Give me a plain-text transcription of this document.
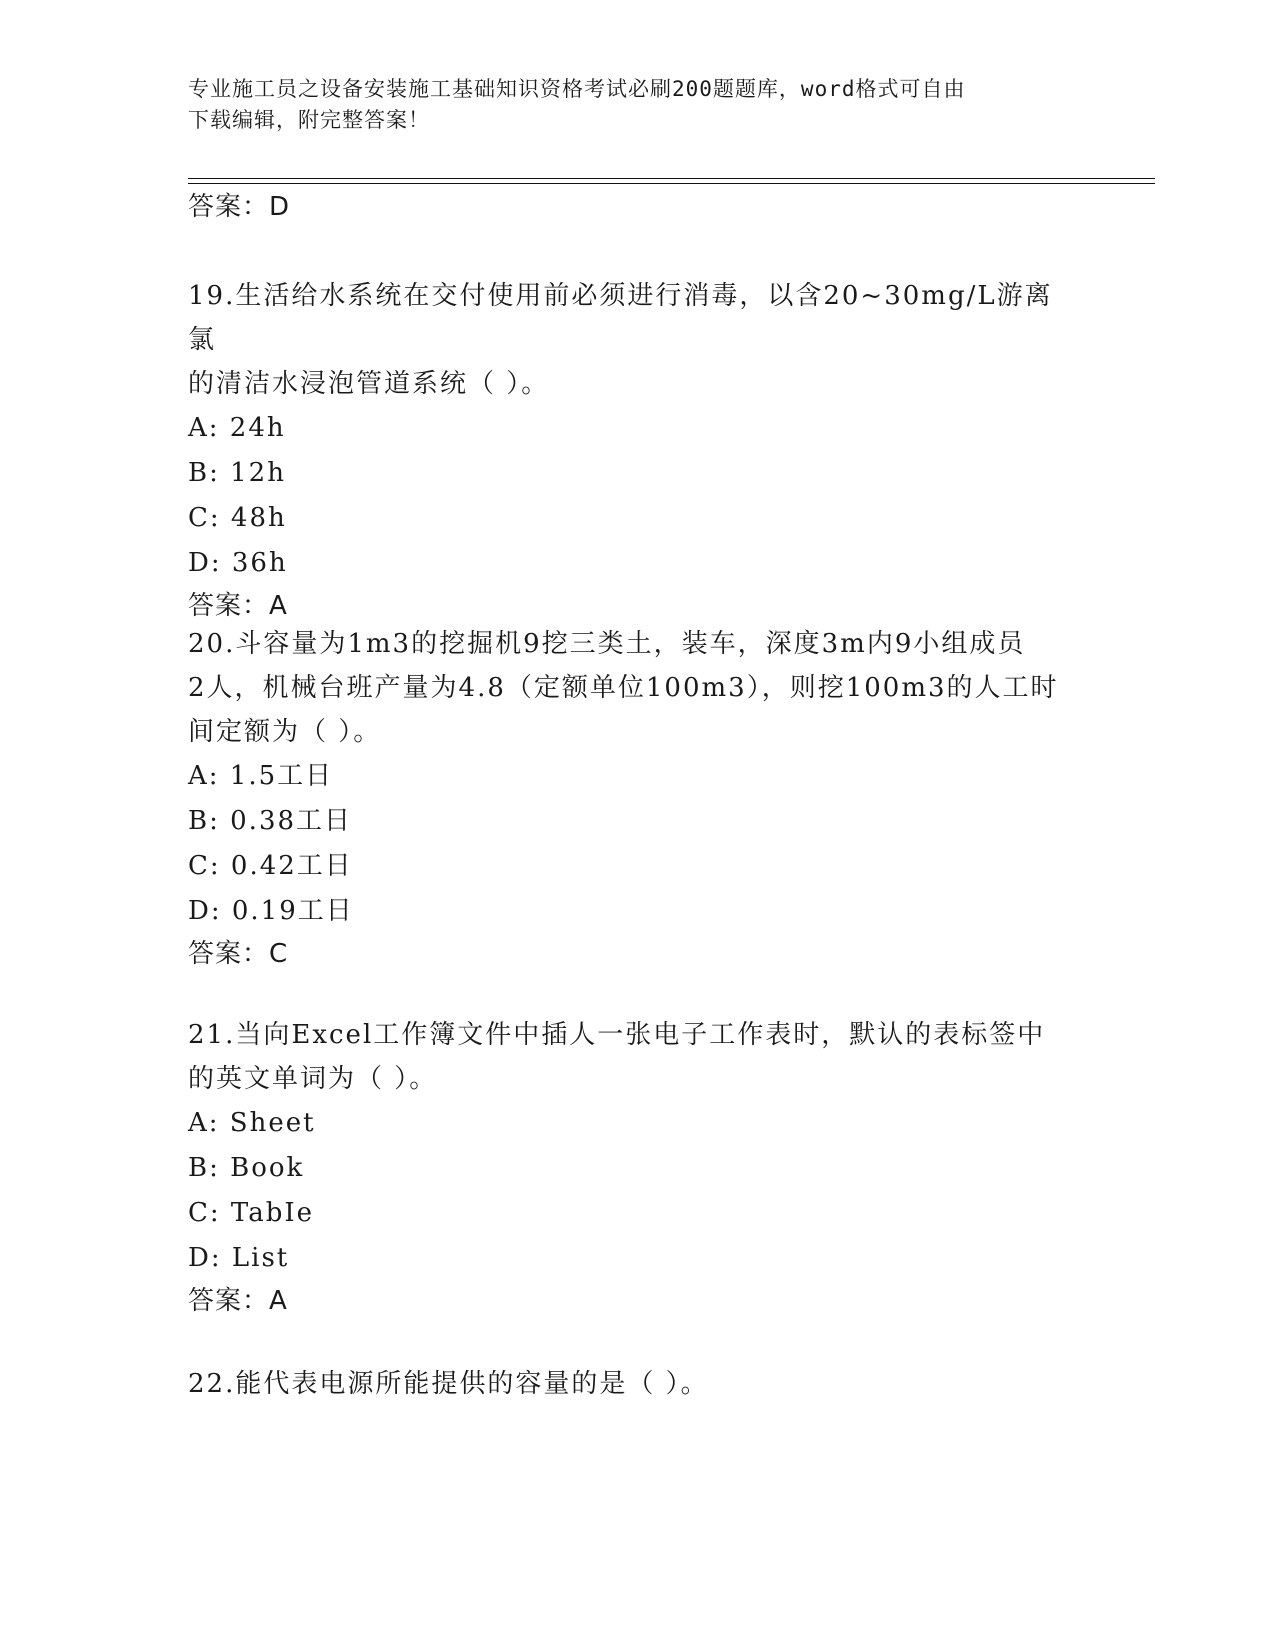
专业施工员之设备安装施工基础知识资格考试必刷200题题库，word格式可自由
下载编辑，附完整答案！
答案：D
19.生活给水系统在交付使用前必须进行消毒，以含20~30mg/L游离氯
的清洁水浸泡管道系统（ ）。
A: 24h
B: 12h
C: 48h
D: 36h
答案：A
20.斗容量为1m3的挖掘机9挖三类土，装车，深度3m内9小组成员
2人，机械台班产量为4.8（定额单位100m3），则挖100m3的人工时
间定额为（ ）。
A: 1.5工日
B: 0.38工日
C: 0.42工日
D: 0.19工日
答案：C
21.当向Excel工作簿文件中插人一张电子工作表时，默认的表标签中
的英文单词为（ ）。
A: Sheet
B: Book
C: TabIe
D: List
答案：A
22.能代表电源所能提供的容量的是（ ）。
